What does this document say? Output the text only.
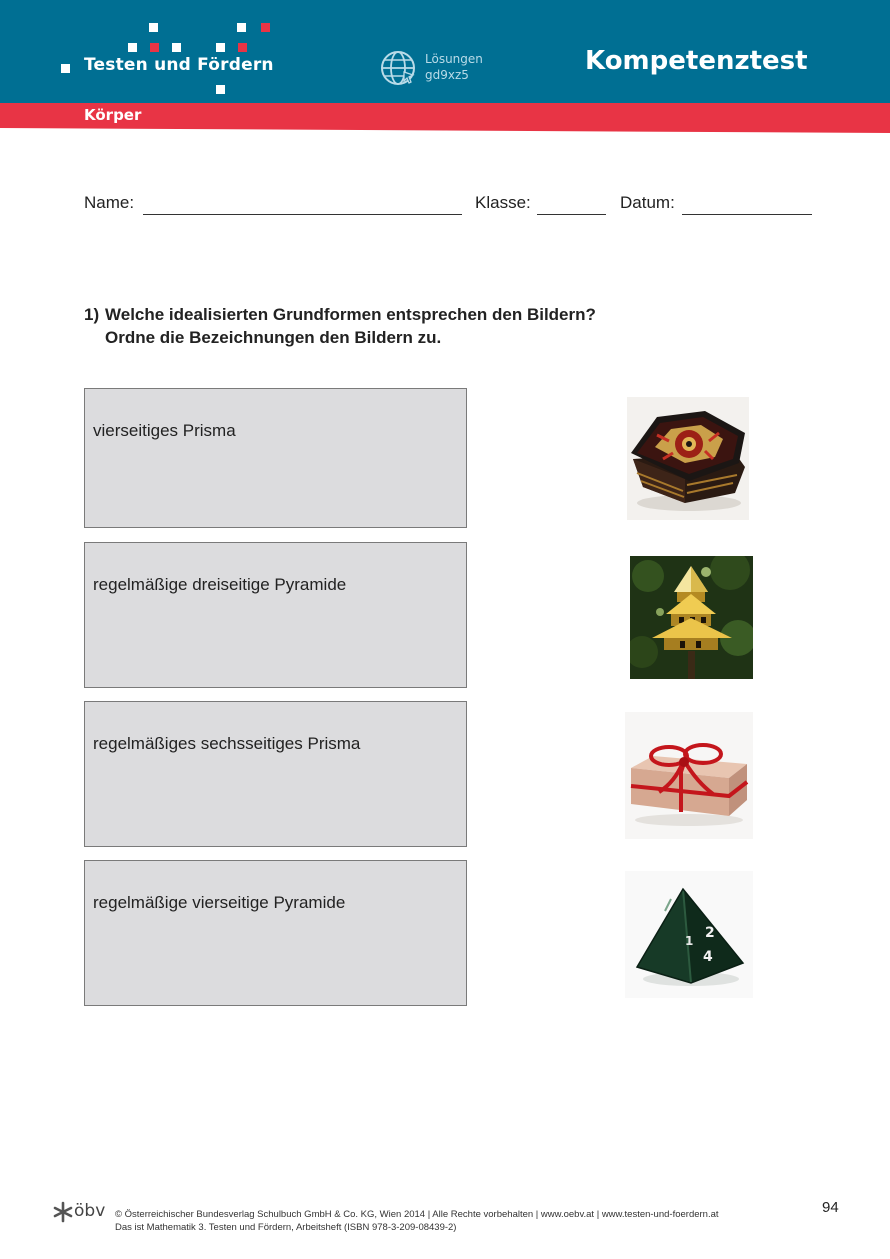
Testen und Fördern	Lösungen
gd9xz5	Kompetenztest
Körper
Name:	Klasse:	Datum:
1) Welche idealisierten Grundformen entsprechen den Bildern?
Ordne die Bezeichnungen den Bildern zu.
vierseitiges Prisma
regelmäßige dreiseitige Pyramide
regelmäßiges sechsseitiges Prisma
regelmäßige vierseitige Pyramide
2
4
1
öbv © Österreichischer Bundesverlag Schulbuch GmbH & Co. KG, Wien 2014 | Alle Rechte vorbehalten | www.oebv.at | www.testen-und-foerdern.at
Das ist Mathematik 3. Testen und Fördern, Arbeitsheft (ISBN 978-3-209-08439-2)
94
